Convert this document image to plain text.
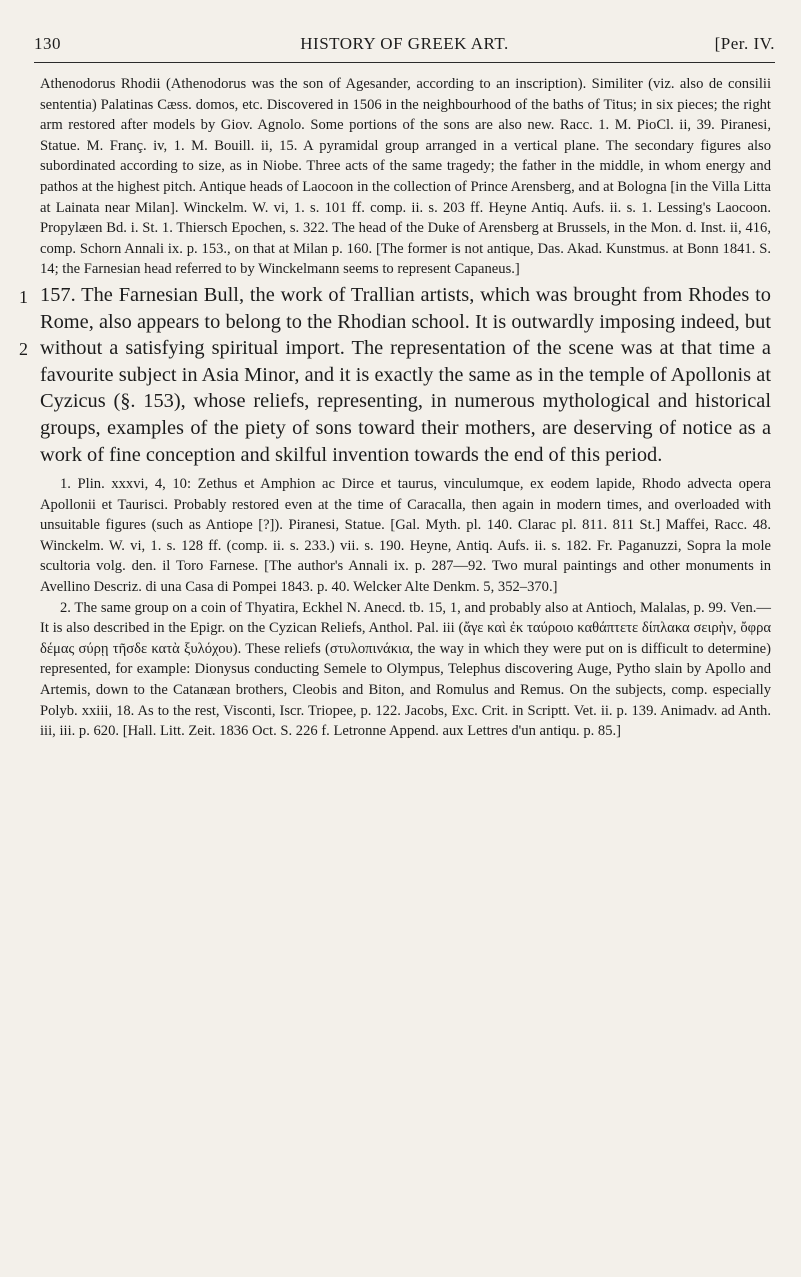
130	HISTORY OF GREEK ART.	[Per. IV.

Athenodorus Rhodii (Athenodorus was the son of Agesander, according to an inscription). Similiter (viz. also de consilii sententia) Palatinas Cæss. domos, etc. Discovered in 1506 in the neighbourhood of the baths of Titus; in six pieces; the right arm restored after models by Giov. Agnolo. Some portions of the sons are also new. Racc. 1. M. PioCl. ii, 39. Piranesi, Statue. M. Franç. iv, 1. M. Bouill. ii, 15. A pyramidal group arranged in a vertical plane. The secondary figures also subordinated according to size, as in Niobe. Three acts of the same tragedy; the father in the middle, in whom energy and pathos at the highest pitch. Antique heads of Laocoon in the collection of Prince Arensberg, and at Bologna [in the Villa Litta at Lainata near Milan]. Winckelm. W. vi, 1. s. 101 ff. comp. ii. s. 203 ff. Heyne Antiq. Aufs. ii. s. 1. Lessing's Laocoon. Propylæen Bd. i. St. 1. Thiersch Epochen, s. 322. The head of the Duke of Arensberg at Brussels, in the Mon. d. Inst. ii, 416, comp. Schorn Annali ix. p. 153., on that at Milan p. 160. [The former is not antique, Das. Akad. Kunstmus. at Bonn 1841. S. 14; the Farnesian head referred to by Winckelmann seems to represent Capaneus.]

1
2

157. The Farnesian Bull, the work of Trallian artists, which was brought from Rhodes to Rome, also appears to belong to the Rhodian school. It is outwardly imposing indeed, but without a satisfying spiritual import. The representation of the scene was at that time a favourite subject in Asia Minor, and it is exactly the same as in the temple of Apollonis at Cyzicus (§. 153), whose reliefs, representing, in numerous mythological and historical groups, examples of the piety of sons toward their mothers, are deserving of notice as a work of fine conception and skilful invention towards the end of this period.

1. Plin. xxxvi, 4, 10: Zethus et Amphion ac Dirce et taurus, vinculumque, ex eodem lapide, Rhodo advecta opera Apollonii et Taurisci. Probably restored even at the time of Caracalla, then again in modern times, and overloaded with unsuitable figures (such as Antiope [?]). Piranesi, Statue. [Gal. Myth. pl. 140. Clarac pl. 811. 811 St.] Maffei, Racc. 48. Winckelm. W. vi, 1. s. 128 ff. (comp. ii. s. 233.) vii. s. 190. Heyne, Antiq. Aufs. ii. s. 182. Fr. Paganuzzi, Sopra la mole scultoria volg. den. il Toro Farnese. [The author's Annali ix. p. 287—92. Two mural paintings and other monuments in Avellino Descriz. di una Casa di Pompei 1843. p. 40. Welcker Alte Denkm. 5, 352–370.]

2. The same group on a coin of Thyatira, Eckhel N. Anecd. tb. 15, 1, and probably also at Antioch, Malalas, p. 99. Ven.—It is also described in the Epigr. on the Cyzican Reliefs, Anthol. Pal. iii (ἄγε καὶ ἐκ ταύροιο καθάπτετε δίπλακα σειρὴν, ὄφρα δέμας σύρῃ τῆσδε κατὰ ξυλόχου). These reliefs (στυλοπινάκια, the way in which they were put on is difficult to determine) represented, for example: Dionysus conducting Semele to Olympus, Telephus discovering Auge, Pytho slain by Apollo and Artemis, down to the Catanæan brothers, Cleobis and Biton, and Romulus and Remus. On the subjects, comp. especially Polyb. xxiii, 18. As to the rest, Visconti, Iscr. Triopee, p. 122. Jacobs, Exc. Crit. in Scriptt. Vet. ii. p. 139. Animadv. ad Anth. iii, iii. p. 620. [Hall. Litt. Zeit. 1836 Oct. S. 226 f. Letronne Append. aux Lettres d'un antiqu. p. 85.]
